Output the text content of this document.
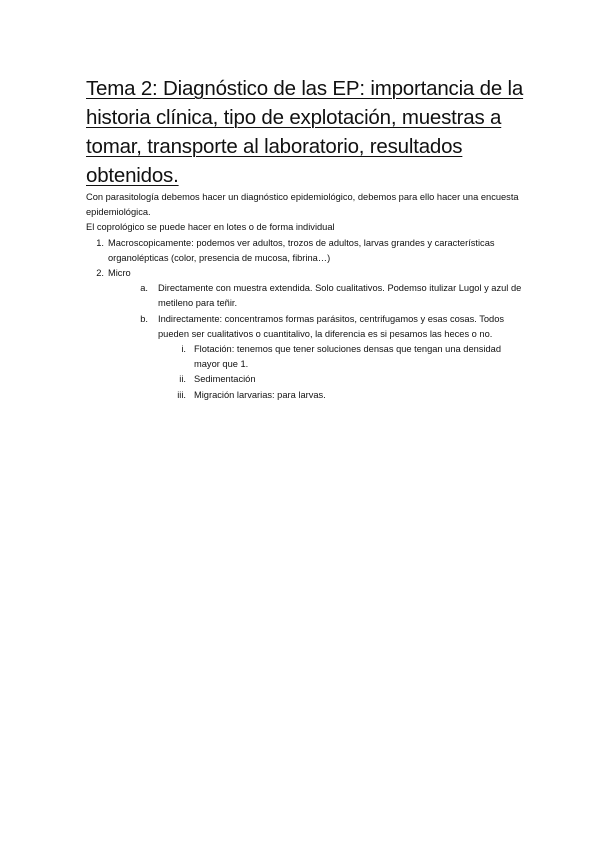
Tema 2: Diagnóstico de las EP: importancia de la historia clínica, tipo de explotación, muestras a tomar, transporte al laboratorio, resultados obtenidos.

Con parasitología debemos hacer un diagnóstico epidemiológico, debemos para ello hacer una encuesta epidemiológica.

El coprológico se puede hacer en lotes o de forma individual

1. Macroscopicamente: podemos ver adultos, trozos de adultos, larvas grandes y características organolépticas (color, presencia de mucosa, fibrina…)
2. Micro
a. Directamente con muestra extendida. Solo cualitativos. Podemso itulizar Lugol y azul de metileno para teñir.
b. Indirectamente: concentramos formas parásitos, centrifugamos y esas cosas. Todos pueden ser cualitativos o cuantitalivo, la diferencia es si pesamos las heces o no.
i. Flotación: tenemos que tener soluciones densas que tengan una densidad mayor que 1.
ii. Sedimentación
iii. Migración larvarias: para larvas.
